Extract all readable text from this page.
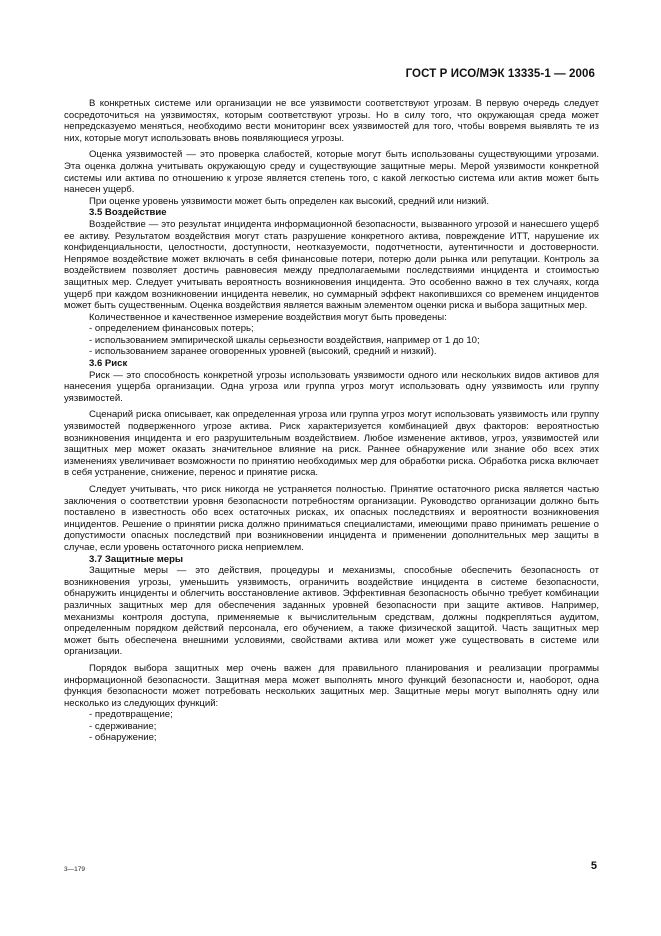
ГОСТ Р ИСО/МЭК 13335-1 — 2006

В конкретных системе или организации не все уязвимости соответствуют угрозам. В первую очередь следует сосредоточиться на уязвимостях, которым соответствуют угрозы. Но в силу того, что окружающая среда может непредсказуемо меняться, необходимо вести мониторинг всех уязвимостей для того, чтобы вовремя выявлять те из них, которые могут использовать вновь появляющиеся угрозы.

Оценка уязвимостей — это проверка слабостей, которые могут быть использованы существующими угрозами. Эта оценка должна учитывать окружающую среду и существующие защитные меры. Мерой уязвимости конкретной системы или актива по отношению к угрозе является степень того, с какой легкостью система или актив может быть нанесен ущерб.

При оценке уровень уязвимости может быть определен как высокий, средний или низкий.

3.5 Воздействие

Воздействие — это результат инцидента информационной безопасности, вызванного угрозой и нанесшего ущерб ее активу. Результатом воздействия могут стать разрушение конкретного актива, повреждение ИТТ, нарушение их конфиденциальности, целостности, доступности, неотказуемости, подотчетности, аутентичности и достоверности. Непрямое воздействие может включать в себя финансовые потери, потерю доли рынка или репутации. Контроль за воздействием позволяет достичь равновесия между предполагаемыми последствиями инцидента и стоимостью защитных мер. Следует учитывать вероятность возникновения инцидента. Это особенно важно в тех случаях, когда ущерб при каждом возникновении инцидента невелик, но суммарный эффект накопившихся со временем инцидентов может быть существенным. Оценка воздействия является важным элементом оценки риска и выбора защитных мер.

Количественное и качественное измерение воздействия могут быть проведены:

- определением финансовых потерь;

- использованием эмпирической шкалы серьезности воздействия, например от 1 до 10;

- использованием заранее оговоренных уровней (высокий, средний и низкий).

3.6 Риск

Риск — это способность конкретной угрозы использовать уязвимости одного или нескольких видов активов для нанесения ущерба организации. Одна угроза или группа угроз могут использовать одну уязвимость или группу уязвимостей.

Сценарий риска описывает, как определенная угроза или группа угроз могут использовать уязвимость или группу уязвимостей подверженного угрозе актива. Риск характеризуется комбинацией двух факторов: вероятностью возникновения инцидента и его разрушительным воздействием. Любое изменение активов, угроз, уязвимостей или защитных мер может оказать значительное влияние на риск. Раннее обнаружение или знание обо всех этих изменениях увеличивает возможности по принятию необходимых мер для обработки риска. Обработка риска включает в себя устранение, снижение, перенос и принятие риска.

Следует учитывать, что риск никогда не устраняется полностью. Принятие остаточного риска является частью заключения о соответствии уровня безопасности потребностям организации. Руководство организации должно быть поставлено в известность обо всех остаточных рисках, их опасных последствиях и вероятности возникновения инцидентов. Решение о принятии риска должно приниматься специалистами, имеющими право принимать решение о допустимости опасных последствий при возникновении инцидента и применении дополнительных мер защиты в случае, если уровень остаточного риска неприемлем.

3.7 Защитные меры

Защитные меры — это действия, процедуры и механизмы, способные обеспечить безопасность от возникновения угрозы, уменьшить уязвимость, ограничить воздействие инцидента в системе безопасности, обнаружить инциденты и облегчить восстановление активов. Эффективная безопасность обычно требует комбинации различных защитных мер для обеспечения заданных уровней безопасности при защите активов. Например, механизмы контроля доступа, применяемые к вычислительным средствам, должны подкрепляться аудитом, определенным порядком действий персонала, его обучением, а также физической защитой. Часть защитных мер может быть обеспечена внешними условиями, свойствами актива или может уже существовать в системе или организации.

Порядок выбора защитных мер очень важен для правильного планирования и реализации программы информационной безопасности. Защитная мера может выполнять много функций безопасности и, наоборот, одна функция безопасности может потребовать нескольких защитных мер. Защитные меры могут выполнять одну или несколько из следующих функций:

- предотвращение;

- сдерживание;

- обнаружение;

3—179	5
